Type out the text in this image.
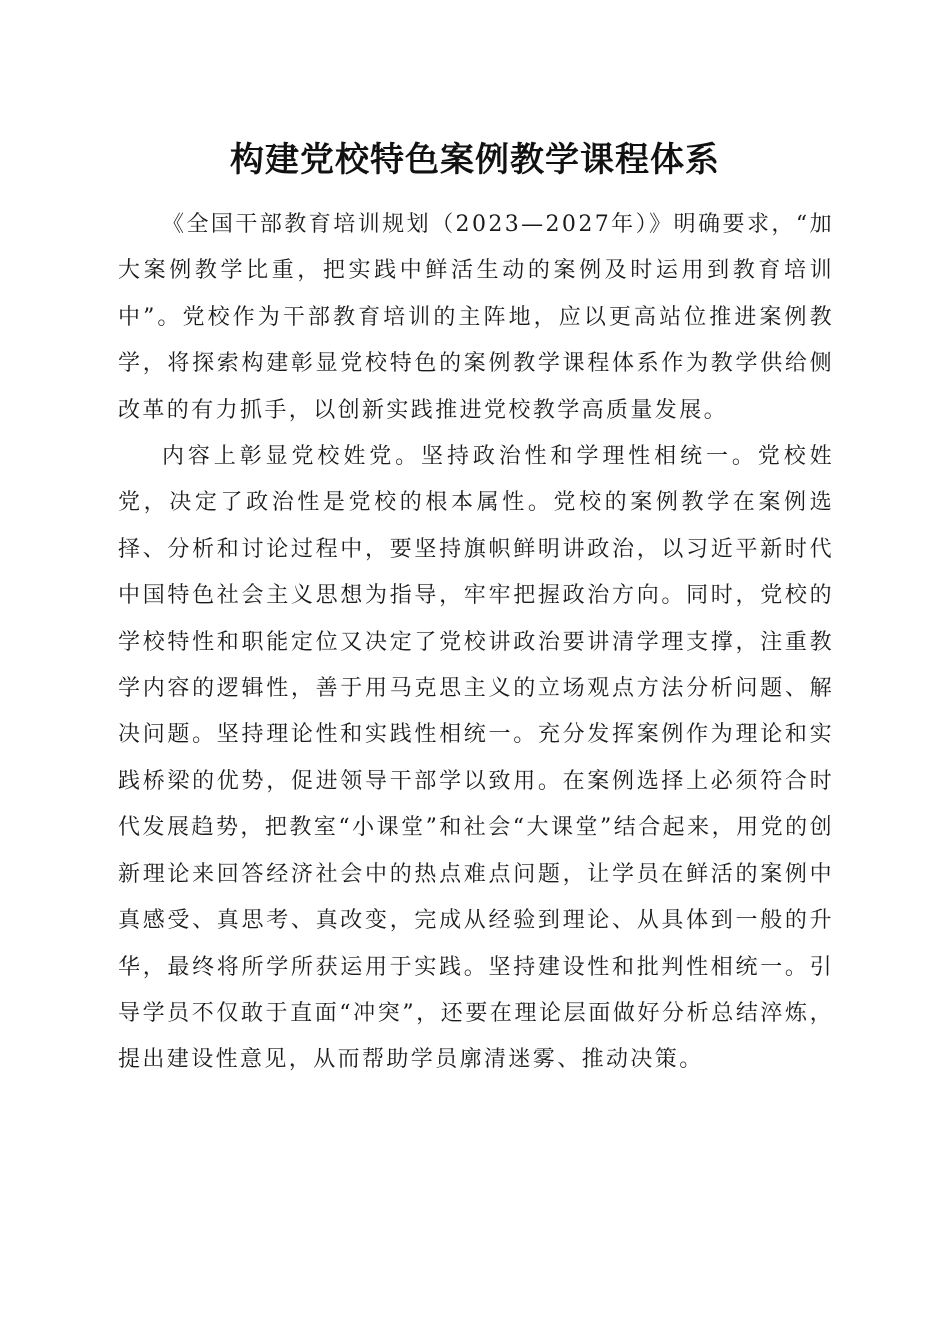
构建党校特色案例教学课程体系

《全国干部教育培训规划（2023—2027年）》明确要求，“加大案例教学比重，把实践中鲜活生动的案例及时运用到教育培训中”。党校作为干部教育培训的主阵地，应以更高站位推进案例教学，将探索构建彰显党校特色的案例教学课程体系作为教学供给侧改革的有力抓手，以创新实践推进党校教学高质量发展。

内容上彰显党校姓党。坚持政治性和学理性相统一。党校姓党，决定了政治性是党校的根本属性。党校的案例教学在案例选择、分析和讨论过程中，要坚持旗帜鲜明讲政治，以习近平新时代中国特色社会主义思想为指导，牢牢把握政治方向。同时，党校的学校特性和职能定位又决定了党校讲政治要讲清学理支撑，注重教学内容的逻辑性，善于用马克思主义的立场观点方法分析问题、解决问题。坚持理论性和实践性相统一。充分发挥案例作为理论和实践桥梁的优势，促进领导干部学以致用。在案例选择上必须符合时代发展趋势，把教室“小课堂”和社会“大课堂”结合起来，用党的创新理论来回答经济社会中的热点难点问题，让学员在鲜活的案例中真感受、真思考、真改变，完成从经验到理论、从具体到一般的升华，最终将所学所获运用于实践。坚持建设性和批判性相统一。引导学员不仅敢于直面“冲突”，还要在理论层面做好分析总结淬炼，提出建设性意见，从而帮助学员廓清迷雾、推动决策。
